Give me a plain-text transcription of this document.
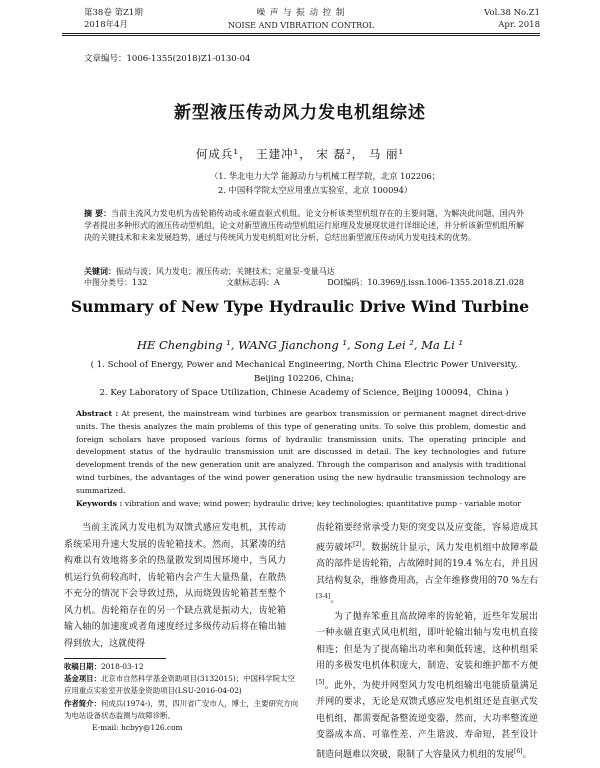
第38卷 第Z1期
2018年4月
噪 声 与 振 动 控 制
NOISE AND VIBRATION CONTROL
Vol.38 No.Z1
Apr. 2018
文章编号：1006-1355(2018)Z1-0130-04
新型液压传动风力发电机组综述
何成兵¹， 王建冲¹， 宋 磊²， 马 丽¹
（1. 华北电力大学 能源动力与机械工程学院，北京 102206；
2. 中国科学院太空应用重点实验室，北京 100094）
摘 要：当前主流风力发电机为齿轮箱传动或永磁直驱式机组。论文分析该类型机组存在的主要问题，为解决此问题，国内外学者提出多种形式的液压传动型机组，论文对新型液压传动型机组运行原理及发展现状进行详细论述，并分析该新型机组所解决的关键技术和未来发展趋势，通过与传统风力发电机组对比分析，总结出新型液压传动风力发电技术的优势。
关键词：振动与波；风力发电；液压传动；关键技术；定量泵-变量马达
中图分类号：132	文献标志码：A	DOI编码：10.3969/j.issn.1006-1355.2018.Z1.028
Summary of New Type Hydraulic Drive Wind Turbine
HE Chengbing ¹, WANG Jianchong ¹, Song Lei ², Ma Li ¹
( 1. School of Energy, Power and Mechanical Engineering, North China Electric Power University,
Beijing 102206, China;
2. Key Laboratory of Space Utilization, Chinese Academy of Science, Beijing 100094，China )
Abstract : At present, the mainstream wind turbines are gearbox transmission or permanent magnet direct-drive units. The thesis analyzes the main problems of this type of generating units. To solve this problem, domestic and foreign scholars have proposed various forms of hydraulic transmission units. The operating principle and development status of the hydraulic transmission unit are discussed in detail. The key technologies and future development trends of the new generation unit are analyzed. Through the comparison and analysis with traditional wind turbines, the advantages of the wind power generation using the new hydraulic transmission technology are summarized.
Keywords : vibration and wave; wind power; hydraulic drive; key technologies; quantitative pump - variable motor

当前主流风力发电机为双馈式感应发电机，其传动系统采用升速大发展的齿轮箱技术。然而，其紧凑的结构难以有效地将多余的热量散发到周围环境中，当风力机运行负荷较高时，齿轮箱内会产生大量热量，在散热不充分的情况下会导致过热，从而烧毁齿轮箱甚至整个风力机。齿轮箱存在的另一个缺点就是振动大，齿轮箱输入轴的加速度或者角速度经过多级传动后将在输出轴得到放大，这就使得

齿轮箱要经常承受力矩的突变以及应变能，容易造成其疲劳破坏[2]。数据统计显示，风力发电机组中故障率最高的部件是齿轮箱，占故障时间的19.4 %左右，并且因其结构复杂，维修费用高，占全年维修费用的70 %左右[3-4]。

为了抛弃笨重且高故障率的齿轮箱，近些年发展出一种永磁直驱式风电机组，即叶轮输出轴与发电机直接相连；但是为了提高输出功率和频低转速，这种机组采用的多极发电机体积庞大，制造、安装和维护都不方便[5]。此外，为使并网型风力发电机组输出电能质量满足并网的要求，无论是双馈式感应发电机组还是直驱式发电机组，都需要配备整流逆变器，然而，大功率整流逆变器成本高、可靠性差、产生谐波、寿命短，甚至设计制造问题难以突破，限制了大容量风力机组的发展[6]。

收稿日期：2018-03-12
基金项目：北京市自然科学基金资助项目(3132015)；中国科学院太空应用重点实验室开放基金资助项目(LSU-2016-04-02)
作者简介：何成兵(1974-)，男，四川省广安市人，博士，主要研究方向为电站设备状态监测与故障诊断。
E-mail: hcbyy@126.com
